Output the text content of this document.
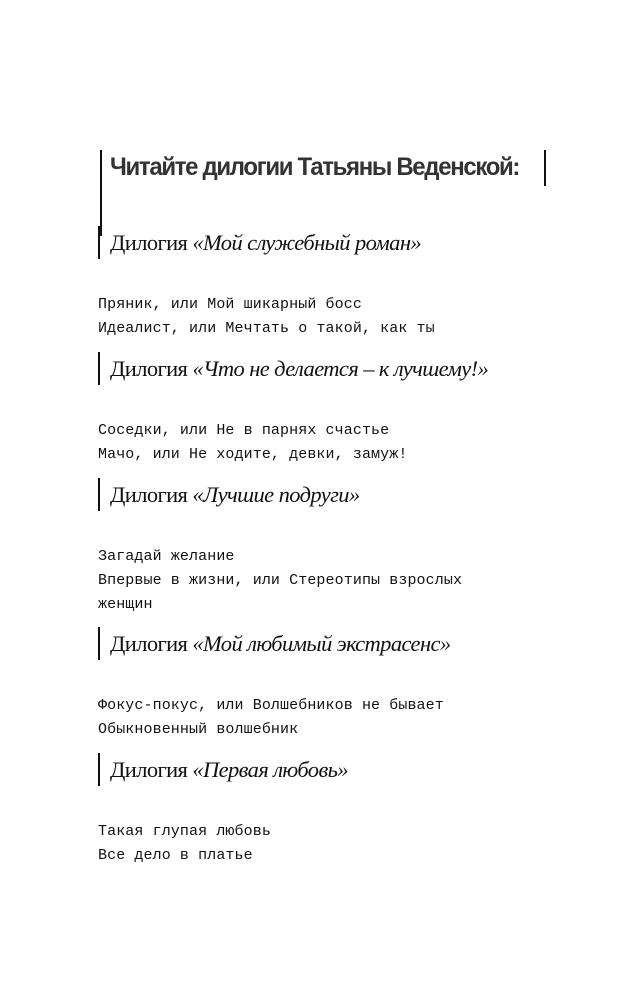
Читайте дилогии Татьяны Веденской:
Дилогия «Мой служебный роман»
Пряник, или Мой шикарный босс
Идеалист, или Мечтать о такой, как ты
Дилогия «Что не делается – к лучшему!»
Соседки, или Не в парнях счастье
Мачо, или Не ходите, девки, замуж!
Дилогия «Лучшие подруги»
Загадай желание
Впервые в жизни, или Стереотипы взрослых женщин
Дилогия «Мой любимый экстрасенс»
Фокус-покус, или Волшебников не бывает
Обыкновенный волшебник
Дилогия «Первая любовь»
Такая глупая любовь
Все дело в платье
